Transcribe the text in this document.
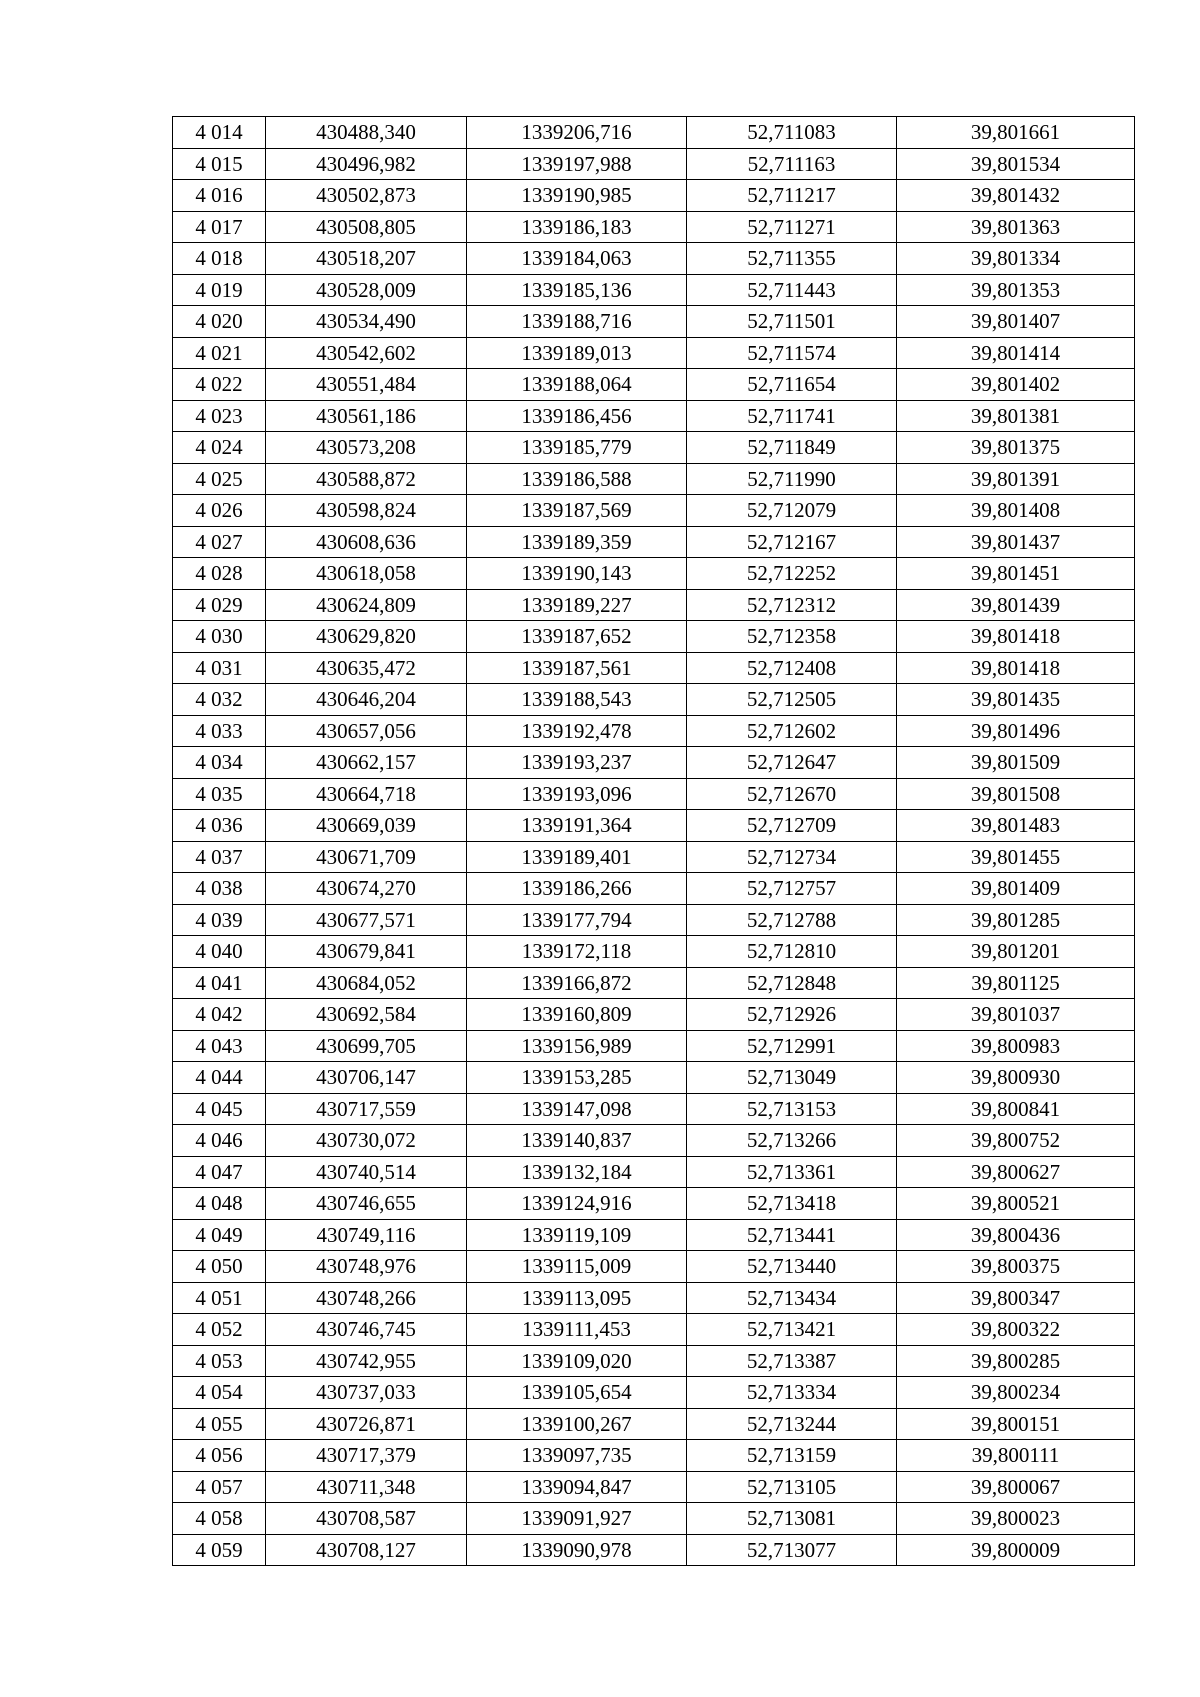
4 014	430488,340	1339206,716	52,711083	39,801661
4 015	430496,982	1339197,988	52,711163	39,801534
4 016	430502,873	1339190,985	52,711217	39,801432
4 017	430508,805	1339186,183	52,711271	39,801363
4 018	430518,207	1339184,063	52,711355	39,801334
4 019	430528,009	1339185,136	52,711443	39,801353
4 020	430534,490	1339188,716	52,711501	39,801407
4 021	430542,602	1339189,013	52,711574	39,801414
4 022	430551,484	1339188,064	52,711654	39,801402
4 023	430561,186	1339186,456	52,711741	39,801381
4 024	430573,208	1339185,779	52,711849	39,801375
4 025	430588,872	1339186,588	52,711990	39,801391
4 026	430598,824	1339187,569	52,712079	39,801408
4 027	430608,636	1339189,359	52,712167	39,801437
4 028	430618,058	1339190,143	52,712252	39,801451
4 029	430624,809	1339189,227	52,712312	39,801439
4 030	430629,820	1339187,652	52,712358	39,801418
4 031	430635,472	1339187,561	52,712408	39,801418
4 032	430646,204	1339188,543	52,712505	39,801435
4 033	430657,056	1339192,478	52,712602	39,801496
4 034	430662,157	1339193,237	52,712647	39,801509
4 035	430664,718	1339193,096	52,712670	39,801508
4 036	430669,039	1339191,364	52,712709	39,801483
4 037	430671,709	1339189,401	52,712734	39,801455
4 038	430674,270	1339186,266	52,712757	39,801409
4 039	430677,571	1339177,794	52,712788	39,801285
4 040	430679,841	1339172,118	52,712810	39,801201
4 041	430684,052	1339166,872	52,712848	39,801125
4 042	430692,584	1339160,809	52,712926	39,801037
4 043	430699,705	1339156,989	52,712991	39,800983
4 044	430706,147	1339153,285	52,713049	39,800930
4 045	430717,559	1339147,098	52,713153	39,800841
4 046	430730,072	1339140,837	52,713266	39,800752
4 047	430740,514	1339132,184	52,713361	39,800627
4 048	430746,655	1339124,916	52,713418	39,800521
4 049	430749,116	1339119,109	52,713441	39,800436
4 050	430748,976	1339115,009	52,713440	39,800375
4 051	430748,266	1339113,095	52,713434	39,800347
4 052	430746,745	1339111,453	52,713421	39,800322
4 053	430742,955	1339109,020	52,713387	39,800285
4 054	430737,033	1339105,654	52,713334	39,800234
4 055	430726,871	1339100,267	52,713244	39,800151
4 056	430717,379	1339097,735	52,713159	39,800111
4 057	430711,348	1339094,847	52,713105	39,800067
4 058	430708,587	1339091,927	52,713081	39,800023
4 059	430708,127	1339090,978	52,713077	39,800009
